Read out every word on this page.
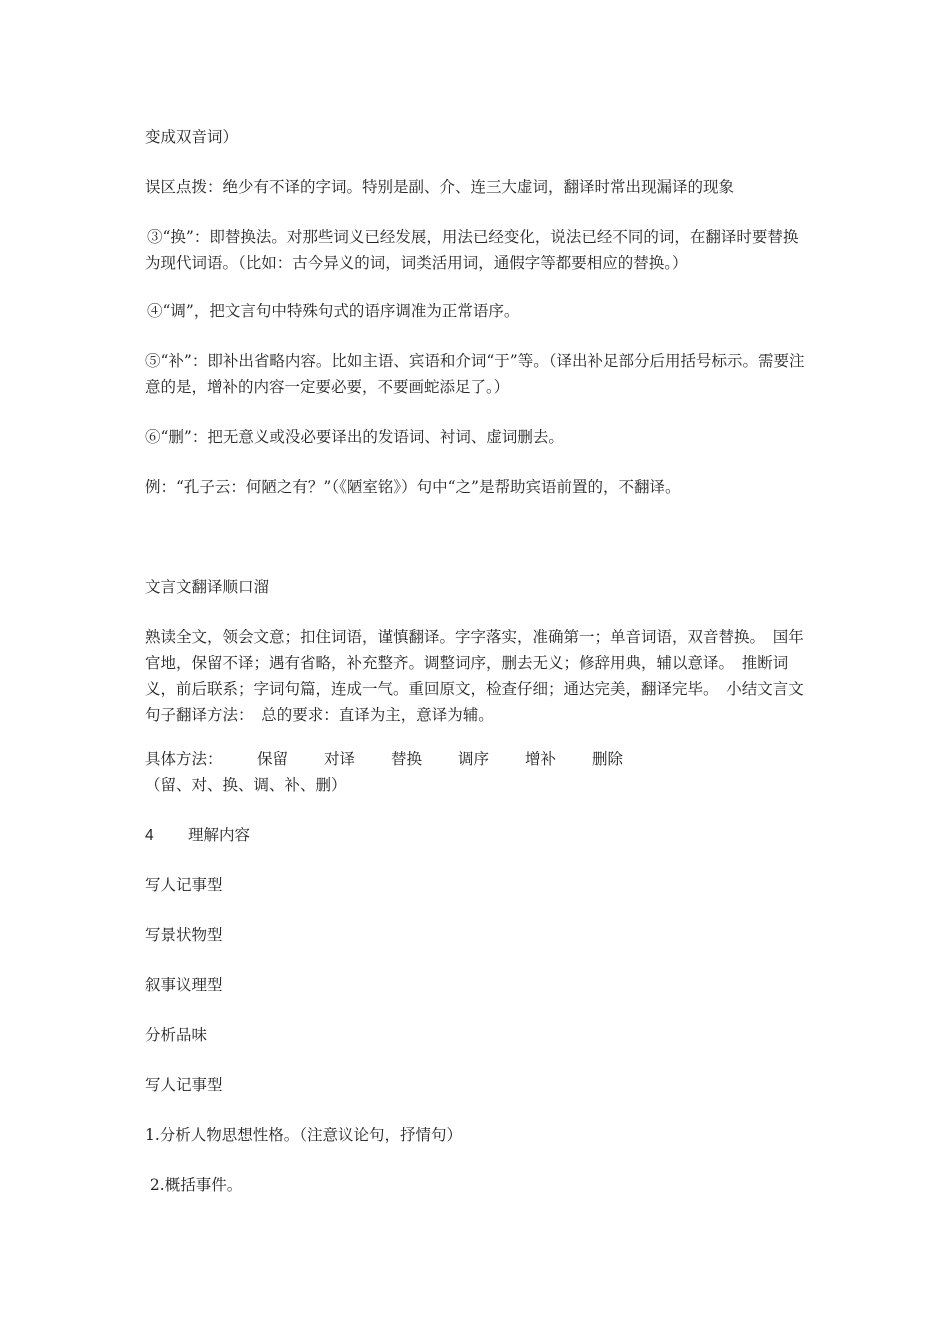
变成双音词）

误区点拨：绝少有不译的字词。特别是副、介、连三大虚词，翻译时常出现漏译的现象

③“换”：即替换法。对那些词义已经发展，用法已经变化，说法已经不同的词，在翻译时要替换为现代词语。（比如：古今异义的词，词类活用词，通假字等都要相应的替换。）

④“调”，把文言句中特殊句式的语序调准为正常语序。

⑤“补”：即补出省略内容。比如主语、宾语和介词“于”等。（译出补足部分后用括号标示。需要注意的是，增补的内容一定要必要，不要画蛇添足了。）

⑥“删”：把无意义或没必要译出的发语词、衬词、虚词删去。

例：“孔子云：何陋之有？”（《陋室铭》）句中“之”是帮助宾语前置的，不翻译。

文言文翻译顺口溜

熟读全文，领会文意；扣住词语，谨慎翻译。字字落实，准确第一；单音词语，双音替换。　国年官地，保留不译；遇有省略，补充整齐。调整词序，删去无义；修辞用典，辅以意译。　推断词义，前后联系；字词句篇，连成一气。重回原文，检查仔细；通达完美，翻译完毕。　小结文言文句子翻译方法：　总的要求：直译为主，意译为辅。

具体方法： 保留 对译 替换 调序 增补 删除（留、对、换、调、补、删）
4 理解内容

写人记事型

写景状物型

叙事议理型

分析品味

写人记事型

1.分析人物思想性格。（注意议论句，抒情句）

2.概括事件。
